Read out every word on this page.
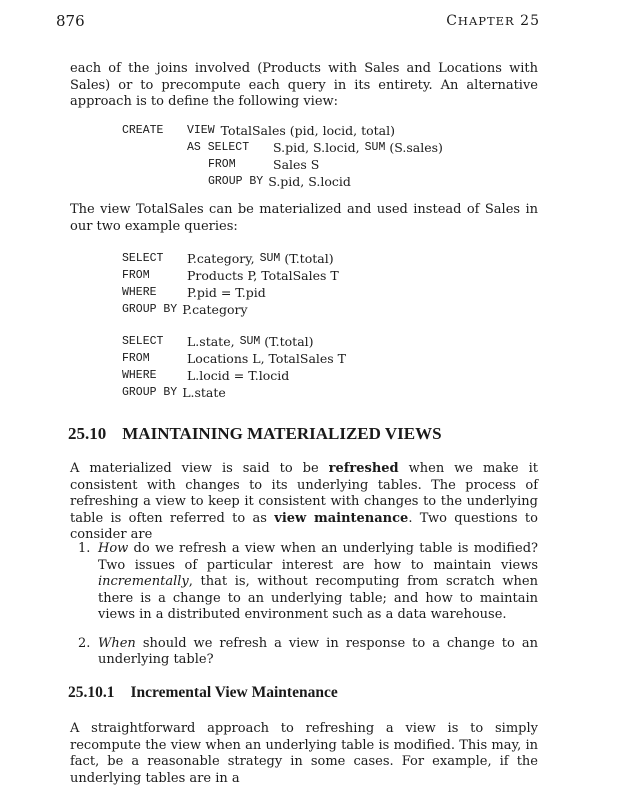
876	CHAPTER 25
each of the joins involved (Products with Sales and Locations with Sales) or to precompute each query in its entirety. An alternative approach is to define the following view:
CREATE	VIEW TotalSales (pid, locid, total)
AS SELECT	S.pid, S.locid, SUM (S.sales)
FROM	Sales S
GROUP BY S.pid, S.locid
The view TotalSales can be materialized and used instead of Sales in our two example queries:
SELECT	P.category, SUM (T.total)
FROM	Products P, TotalSales T
WHERE	P.pid = T.pid
GROUP BY P.category
SELECT	L.state, SUM (T.total)
FROM	Locations L, TotalSales T
WHERE	L.locid = T.locid
GROUP BY L.state
25.10 MAINTAINING MATERIALIZED VIEWS
A materialized view is said to be refreshed when we make it consistent with changes to its underlying tables. The process of refreshing a view to keep it consistent with changes to the underlying table is often referred to as view maintenance. Two questions to consider are
1. How do we refresh a view when an underlying table is modified? Two issues of particular interest are how to maintain views incrementally, that is, without recomputing from scratch when there is a change to an underlying table; and how to maintain views in a distributed environment such as a data warehouse.
2. When should we refresh a view in response to a change to an underlying table?
25.10.1 Incremental View Maintenance
A straightforward approach to refreshing a view is to simply recompute the view when an underlying table is modified. This may, in fact, be a reasonable strategy in some cases. For example, if the underlying tables are in a
